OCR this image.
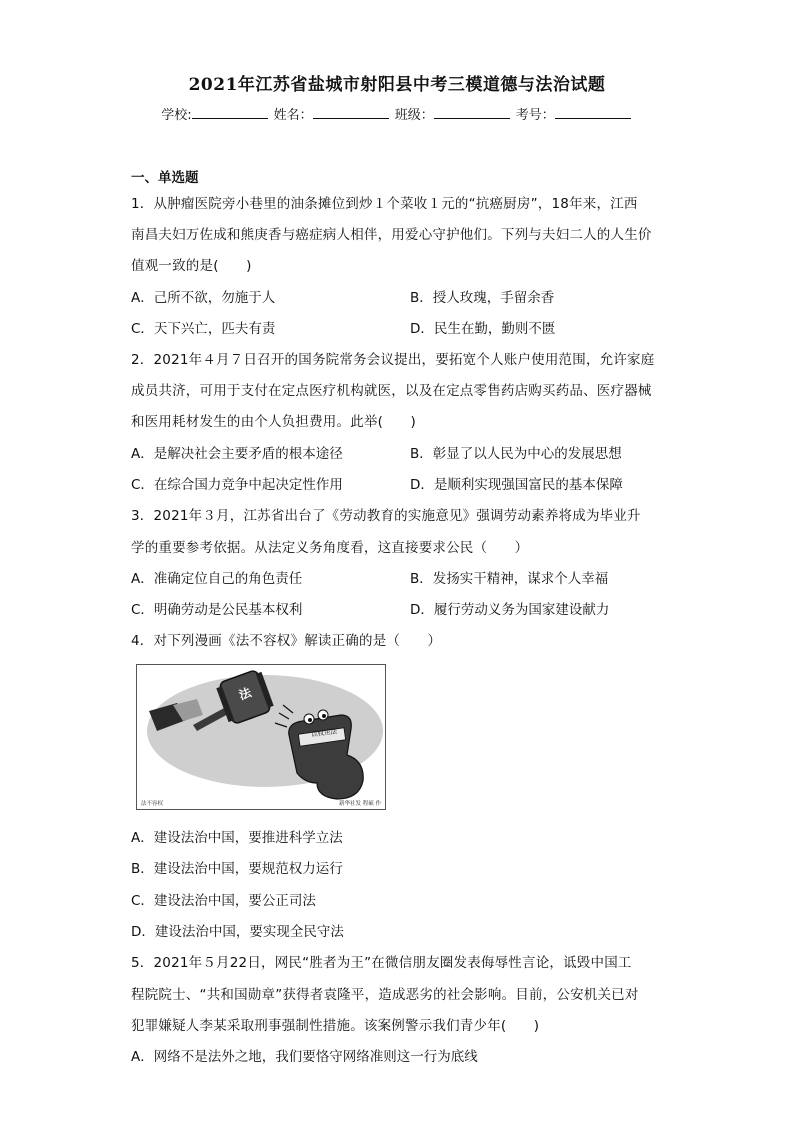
2021年江苏省盐城市射阳县中考三模道德与法治试题
学校:	姓名：	班级：	考号：
一、单选题
1．从肿瘤医院旁小巷里的油条摊位到炒１个菜收１元的“抗癌厨房”，18年来，江西
南昌夫妇万佐成和熊庚香与癌症病人相伴，用爱心守护他们。下列与夫妇二人的人生价
值观一致的是(　　)
A．己所不欲，勿施于人	B．授人玫瑰，手留余香
C．天下兴亡，匹夫有责	D．民生在勤，勤则不匮
2．2021年４月７日召开的国务院常务会议提出，要拓宽个人账户使用范围，允许家庭
成员共济，可用于支付在定点医疗机构就医，以及在定点零售药店购买药品、医疗器械
和医用耗材发生的由个人负担费用。此举(　　)
A．是解决社会主要矛盾的根本途径	B．彰显了以人民为中心的发展思想
C．在综合国力竞争中起决定性作用	D．是顺利实现强国富民的基本保障
3．2021年３月，江苏省出台了《劳动教育的实施意见》强调劳动素养将成为毕业升
学的重要参考依据。从法定义务角度看，这直接要求公民（　　）
A．准确定位自己的角色责任	B．发扬实干精神，谋求个人幸福
C．明确劳动是公民基本权利	D．履行劳动义务为国家建设献力
4．对下列漫画《法不容权》解读正确的是（　　）
法
以权压法
法不容权	新华社发 程硕 作
A．建设法治中国，要推进科学立法
B．建设法治中国，要规范权力运行
C．建设法治中国，要公正司法
D．建设法治中国，要实现全民守法
5．2021年５月22日，网民“胜者为王”在微信朋友圈发表侮辱性言论，诋毁中国工
程院院士、“共和国勋章”获得者袁隆平，造成恶劣的社会影响。目前，公安机关已对
犯罪嫌疑人李某采取刑事强制性措施。该案例警示我们青少年(　　)
A．网络不是法外之地，我们要恪守网络准则这一行为底线
